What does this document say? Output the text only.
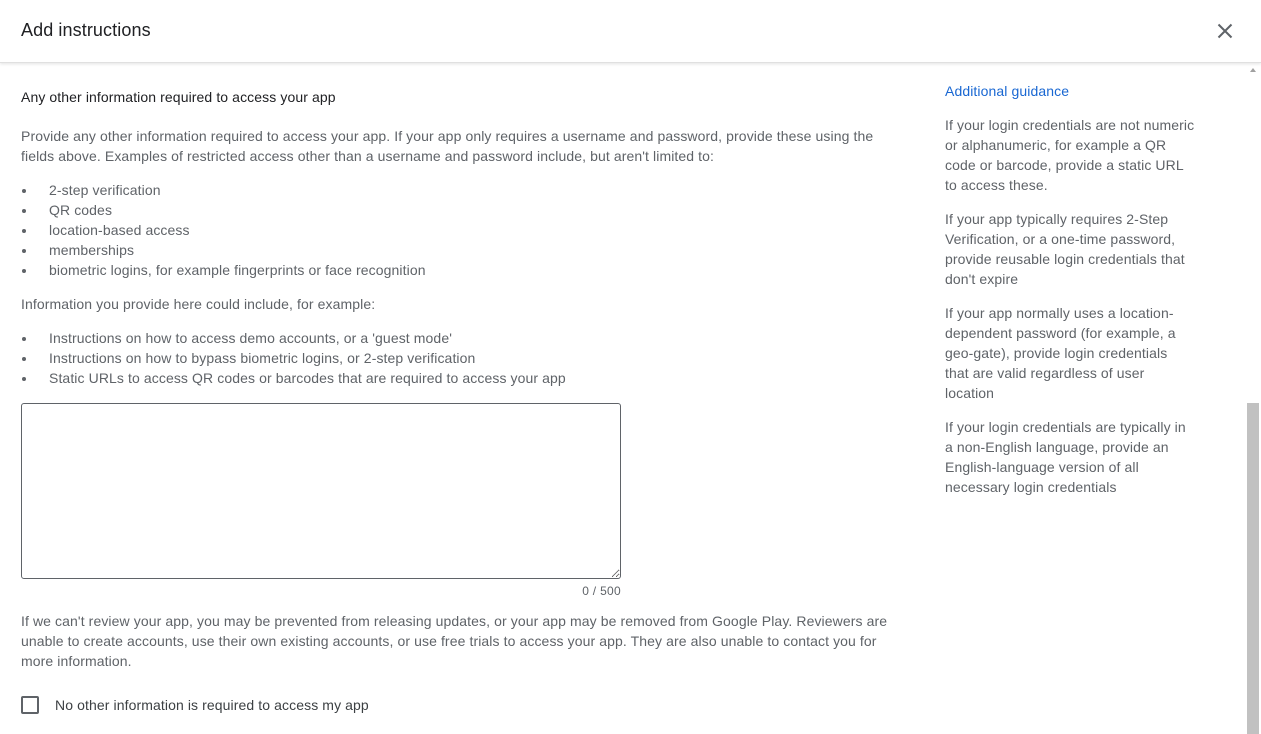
Add instructions
Any other information required to access your app

Provide any other information required to access your app. If your app only requires a username and password, provide these using the fields above. Examples of restricted access other than a username and password include, but aren't limited to:

2-step verification
QR codes
location-based access
memberships
biometric logins, for example fingerprints or face recognition

Information you provide here could include, for example:

Instructions on how to access demo accounts, or a 'guest mode'
Instructions on how to bypass biometric logins, or 2-step verification
Static URLs to access QR codes or barcodes that are required to access your app
0 / 500

If we can't review your app, you may be prevented from releasing updates, or your app may be removed from Google Play. Reviewers are unable to create accounts, use their own existing accounts, or use free trials to access your app. They are also unable to contact you for more information.

No other information is required to access my app
Additional guidance

If your login credentials are not numeric or alphanumeric, for example a QR code or barcode, provide a static URL to access these.

If your app typically requires 2-Step Verification, or a one-time password, provide reusable login credentials that don't expire

If your app normally uses a location-dependent password (for example, a geo-gate), provide login credentials that are valid regardless of user location

If your login credentials are typically in a non-English language, provide an English-language version of all necessary login credentials
